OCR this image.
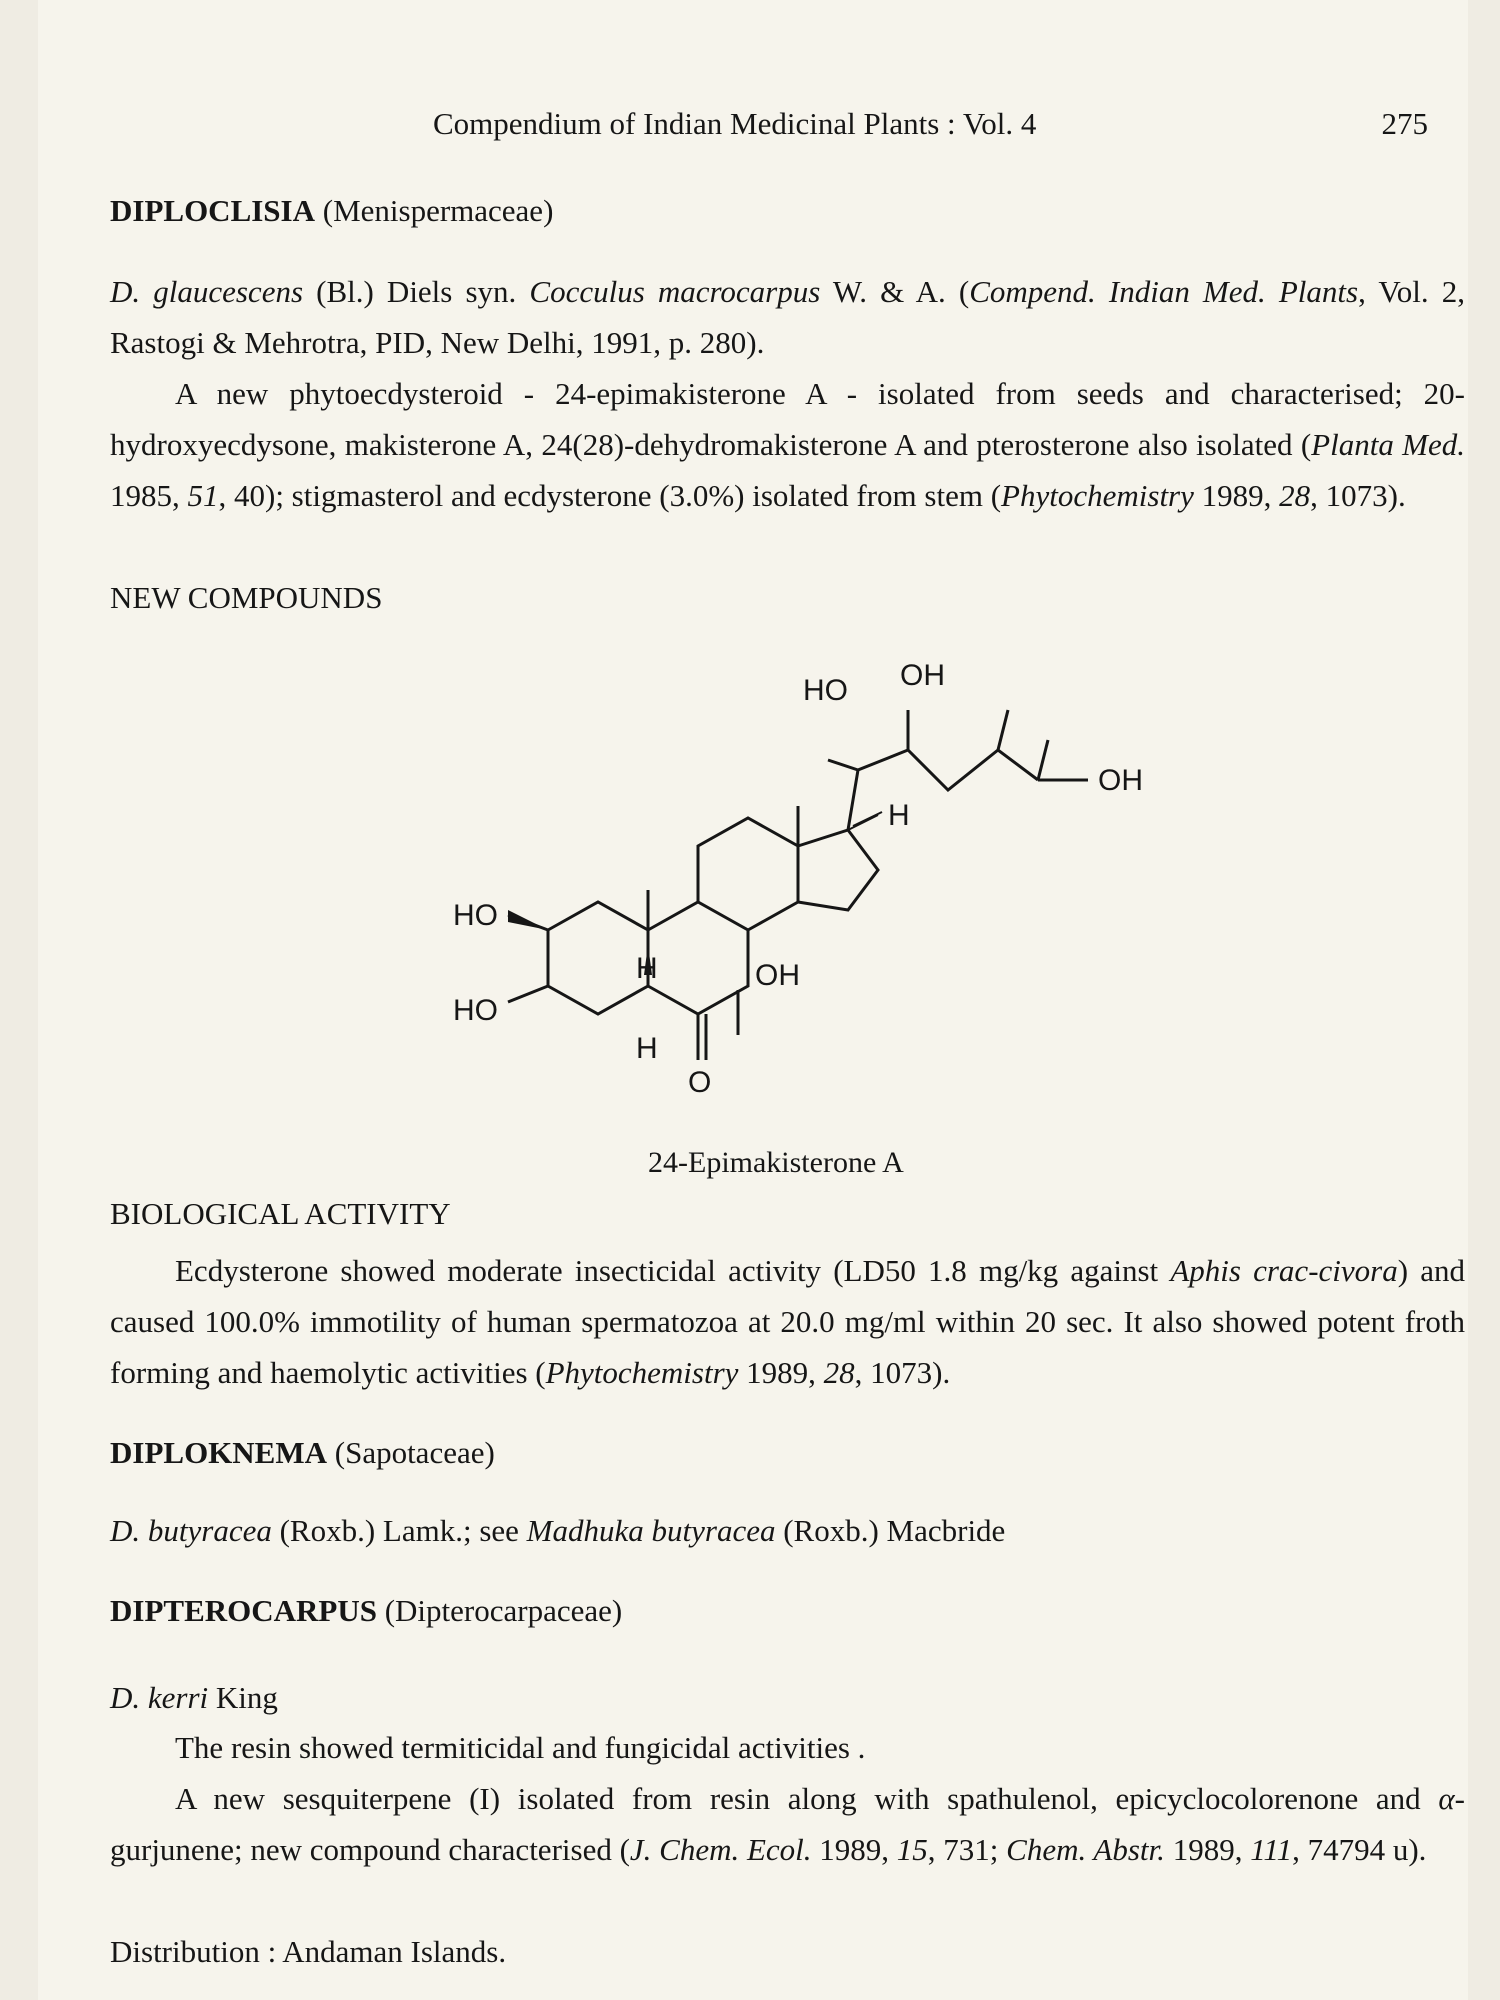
Compendium of Indian Medicinal Plants : Vol. 4	275
DIPLOCLISIA (Menispermaceae)
D. glaucescens (Bl.) Diels syn. Cocculus macrocarpus W. & A. (Compend. Indian Med. Plants, Vol. 2, Rastogi & Mehrotra, PID, New Delhi, 1991, p. 280).
A new phytoecdysteroid - 24-epimakisterone A - isolated from seeds and characterised; 20-hydroxyecdysone, makisterone A, 24(28)-dehydromakisterone A and pterosterone also isolated (Planta Med. 1985, 51, 40); stigmasterol and ecdysterone (3.0%) isolated from stem (Phytochemistry 1989, 28, 1073).
NEW COMPOUNDS
OH
HO
OH
H
HO
HO
H	OH
H
O
24-Epimakisterone A
BIOLOGICAL ACTIVITY
Ecdysterone showed moderate insecticidal activity (LD50 1.8 mg/kg against Aphis crac-civora) and caused 100.0% immotility of human spermatozoa at 20.0 mg/ml within 20 sec. It also showed potent froth forming and haemolytic activities (Phytochemistry 1989, 28, 1073).
DIPLOKNEMA (Sapotaceae)
D. butyracea (Roxb.) Lamk.; see Madhuka butyracea (Roxb.) Macbride
DIPTEROCARPUS (Dipterocarpaceae)
D. kerri King
The resin showed termiticidal and fungicidal activities .
A new sesquiterpene (I) isolated from resin along with spathulenol, epicyclocolorenone and α-gurjunene; new compound characterised (J. Chem. Ecol. 1989, 15, 731; Chem. Abstr. 1989, 111, 74794 u).
Distribution : Andaman Islands.
